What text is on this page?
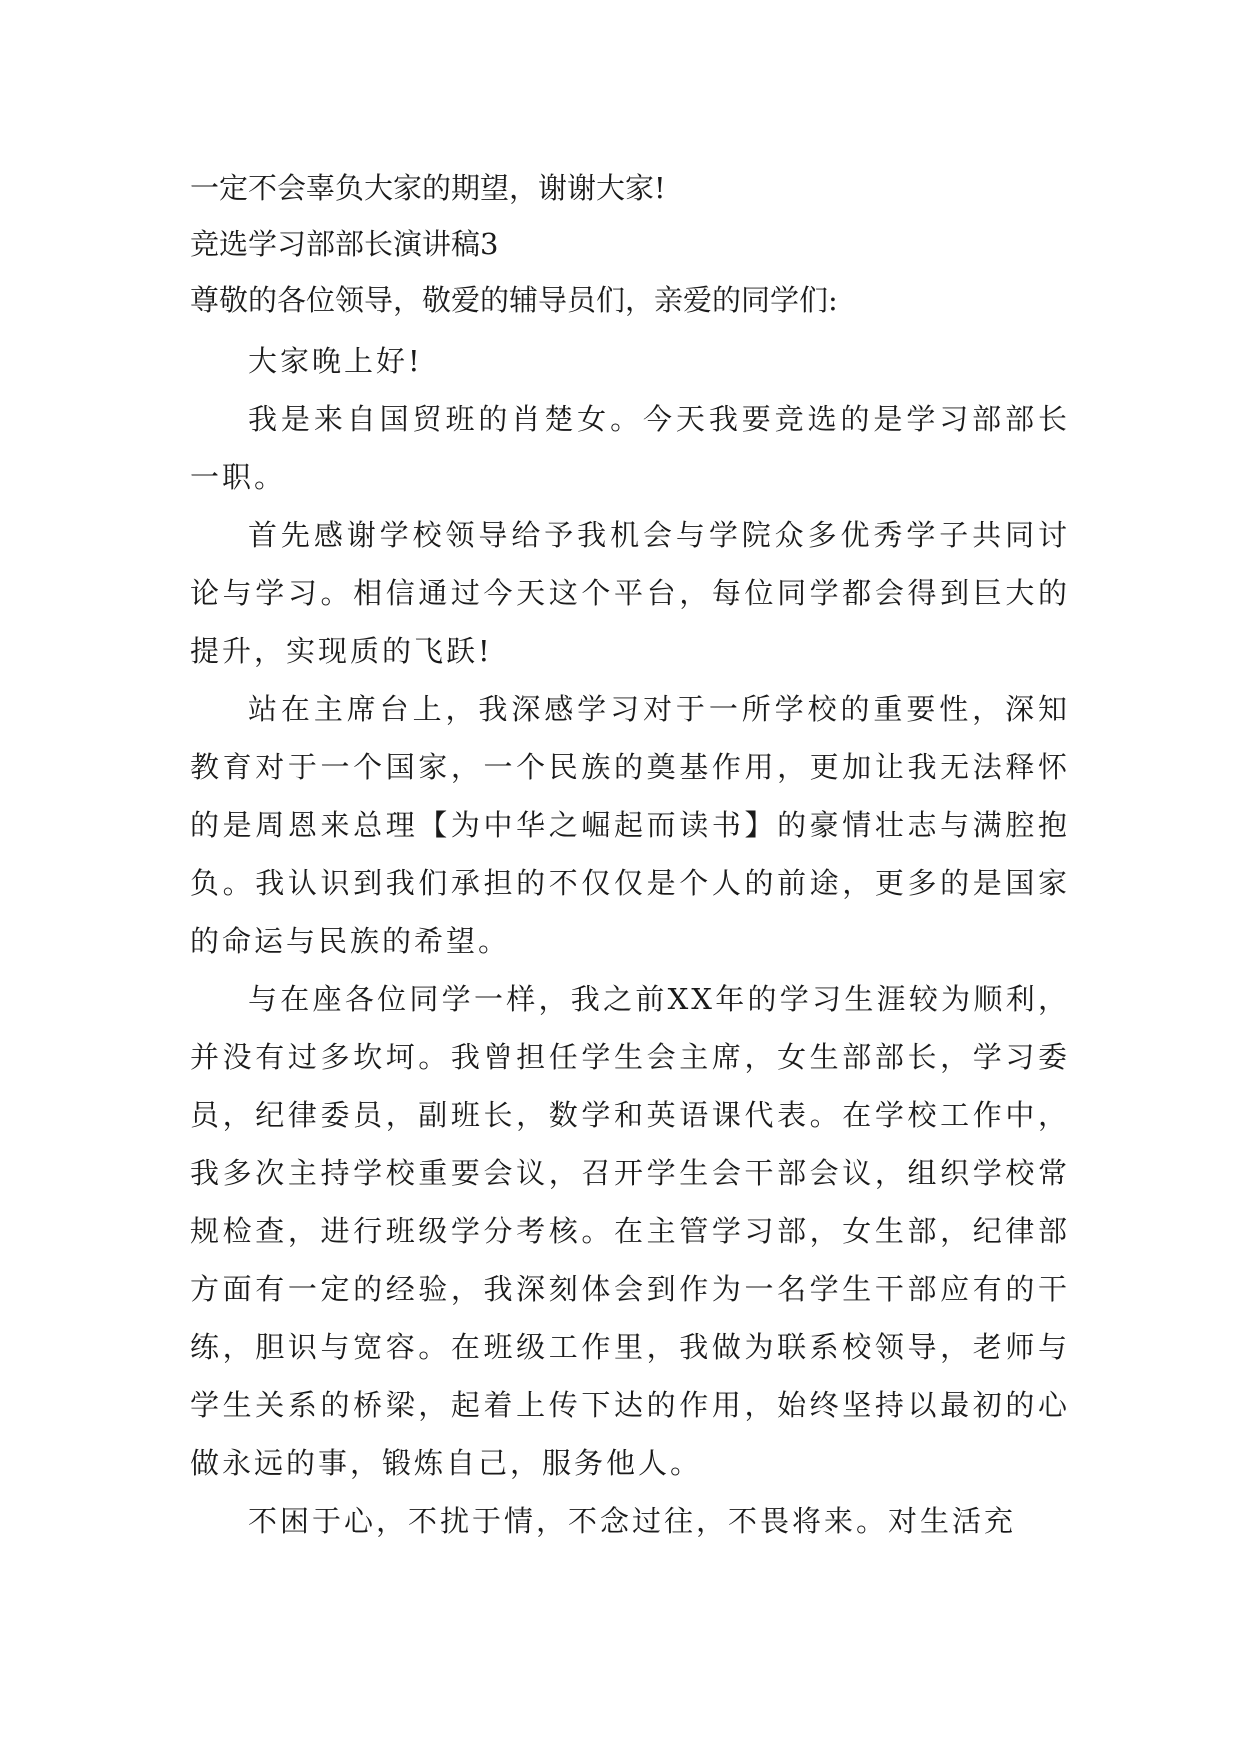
一定不会辜负大家的期望，谢谢大家!
竞选学习部部长演讲稿3
尊敬的各位领导，敬爱的辅导员们，亲爱的同学们:

大家晚上好!

我是来自国贸班的肖楚女。今天我要竞选的是学习部部长一职。

首先感谢学校领导给予我机会与学院众多优秀学子共同讨论与学习。相信通过今天这个平台，每位同学都会得到巨大的提升，实现质的飞跃!

站在主席台上，我深感学习对于一所学校的重要性，深知教育对于一个国家，一个民族的奠基作用，更加让我无法释怀的是周恩来总理【为中华之崛起而读书】的豪情壮志与满腔抱负。我认识到我们承担的不仅仅是个人的前途，更多的是国家的命运与民族的希望。

与在座各位同学一样，我之前XX年的学习生涯较为顺利，并没有过多坎坷。我曾担任学生会主席，女生部部长，学习委员，纪律委员，副班长，数学和英语课代表。在学校工作中，我多次主持学校重要会议，召开学生会干部会议，组织学校常规检查，进行班级学分考核。在主管学习部，女生部，纪律部方面有一定的经验，我深刻体会到作为一名学生干部应有的干练，胆识与宽容。在班级工作里，我做为联系校领导，老师与学生关系的桥梁，起着上传下达的作用，始终坚持以最初的心做永远的事，锻炼自己，服务他人。

不困于心，不扰于情，不念过往，不畏将来。对生活充
